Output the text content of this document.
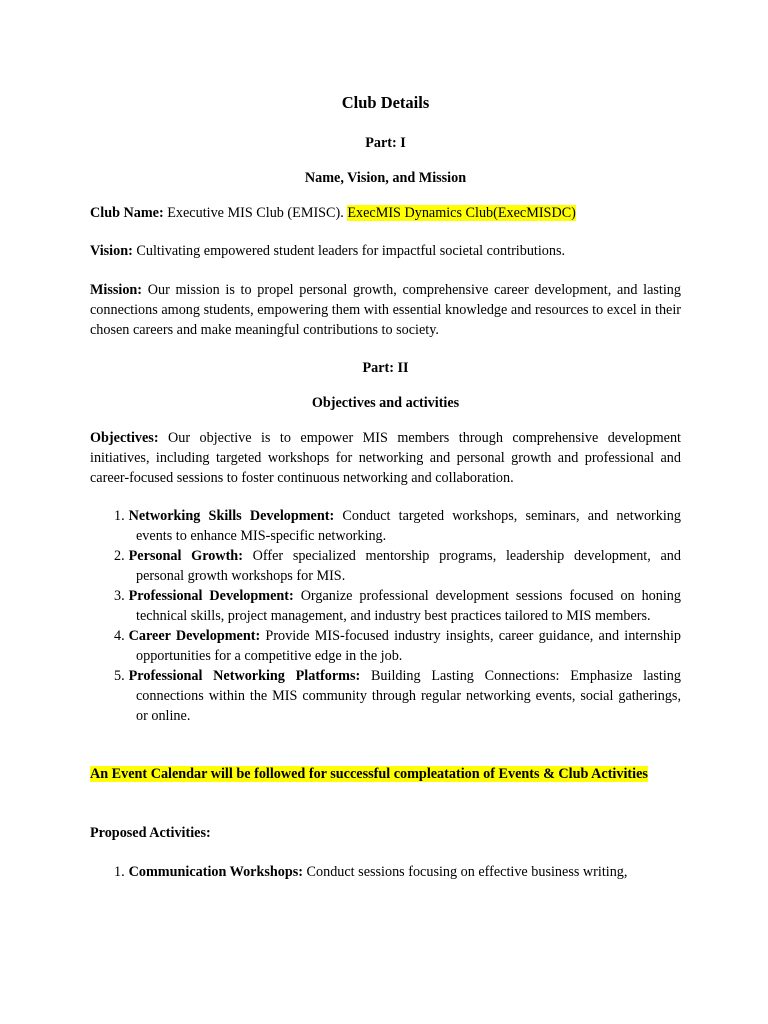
Club Details
Part: I
Name, Vision, and Mission
Club Name: Executive MIS Club (EMISC). ExecMIS Dynamics Club(ExecMISDC)
Vision: Cultivating empowered student leaders for impactful societal contributions.
Mission: Our mission is to propel personal growth, comprehensive career development, and lasting connections among students, empowering them with essential knowledge and resources to excel in their chosen careers and make meaningful contributions to society.
Part: II
Objectives and activities
Objectives: Our objective is to empower MIS members through comprehensive development initiatives, including targeted workshops for networking and personal growth and professional and career-focused sessions to foster continuous networking and collaboration.
1. Networking Skills Development: Conduct targeted workshops, seminars, and networking events to enhance MIS-specific networking.
2. Personal Growth: Offer specialized mentorship programs, leadership development, and personal growth workshops for MIS.
3. Professional Development: Organize professional development sessions focused on honing technical skills, project management, and industry best practices tailored to MIS members.
4. Career Development: Provide MIS-focused industry insights, career guidance, and internship opportunities for a competitive edge in the job.
5. Professional Networking Platforms: Building Lasting Connections: Emphasize lasting connections within the MIS community through regular networking events, social gatherings, or online.
An Event Calendar will be followed for successful compleatation of Events & Club Activities
Proposed Activities:
1. Communication Workshops: Conduct sessions focusing on effective business writing,
